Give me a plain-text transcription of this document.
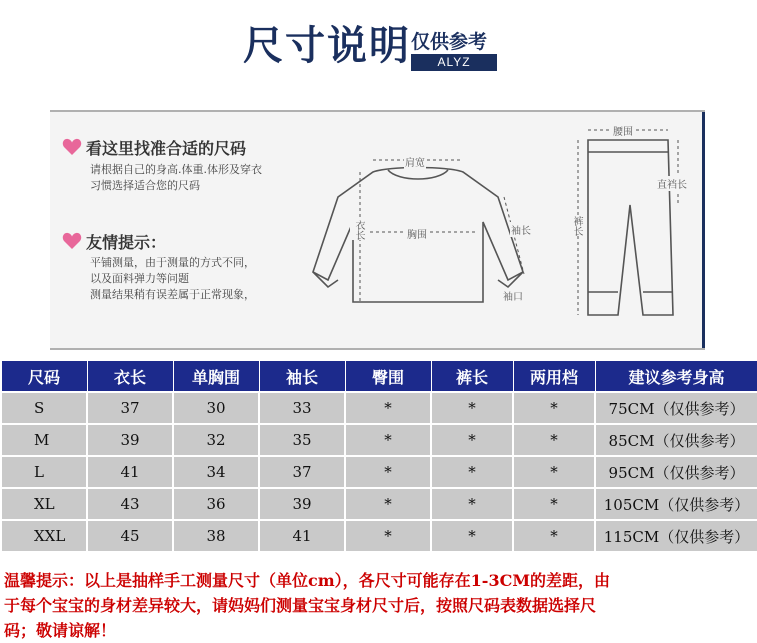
尺寸说明 仅供参考
ALYZ
看这里找准合适的尺码
请根据自己的身高.体重.体形及穿衣
习惯选择适合您的尺码
友情提示：
平铺测量，由于测量的方式不同，
以及面料弹力等问题
测量结果稍有误差属于正常现象，
肩宽
衣长	胸围	袖长
袖口
腰围
直裆长
裤长
尺码	衣长	单胸围	袖长	臀围	裤长	两用档	建议参考身高
S	37	30	33	*	*	*	75CM（仅供参考）
M	39	32	35	*	*	*	85CM（仅供参考）
L	41	34	37	*	*	*	95CM（仅供参考）
XL	43	36	39	*	*	*	105CM（仅供参考）
XXL	45	38	41	*	*	*	115CM（仅供参考）
温馨提示：以上是抽样手工测量尺寸（单位cm），各尺寸可能存在1-3CM的差距，由
于每个宝宝的身材差异较大，请妈妈们测量宝宝身材尺寸后，按照尺码表数据选择尺
码；敬请谅解！
